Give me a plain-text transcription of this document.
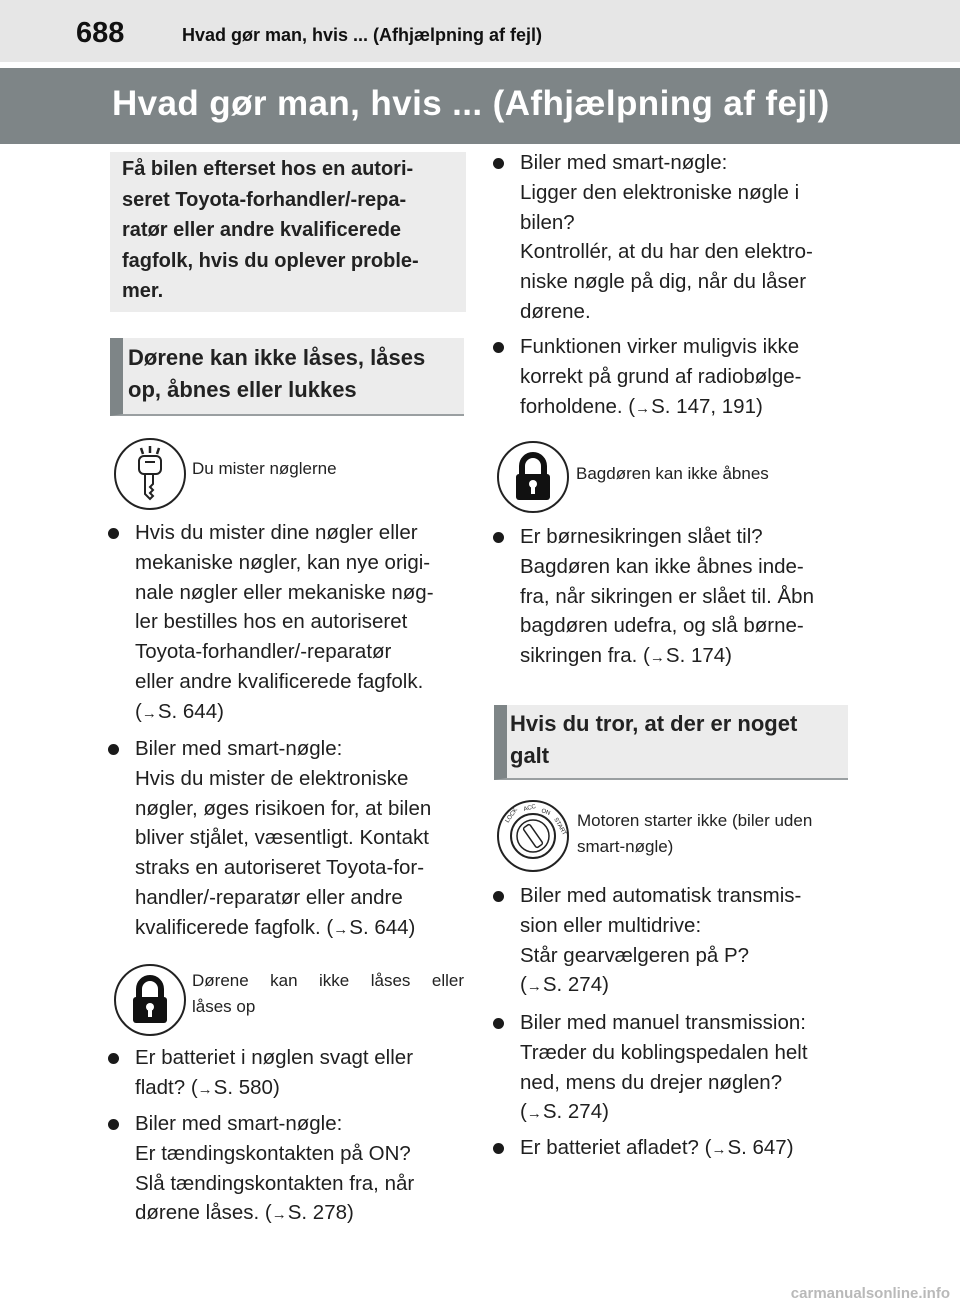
688	Hvad gør man, hvis ... (Afhjælpning af fejl)
Hvad gør man, hvis ... (Afhjælpning af fejl)
Få bilen efterset hos en autori-
seret Toyota-forhandler/-repa-
ratør eller andre kvalificerede
fagfolk, hvis du oplever proble-
mer.
Dørene kan ikke låses, låses
op, åbnes eller lukkes
Du mister nøglerne
Hvis du mister dine nøgler eller
mekaniske nøgler, kan nye origi-
nale nøgler eller mekaniske nøg-
ler bestilles hos en autoriseret
Toyota-forhandler/-reparatør
eller andre kvalificerede fagfolk.
(→S. 644)
Biler med smart-nøgle:
Hvis du mister de elektroniske
nøgler, øges risikoen for, at bilen
bliver stjålet, væsentligt. Kontakt
straks en autoriseret Toyota-for-
handler/-reparatør eller andre
kvalificerede fagfolk. (→S. 644)
Dørene kan ikke låses eller
låses op
Er batteriet i nøglen svagt eller
fladt? (→S. 580)
Biler med smart-nøgle:
Er tændingskontakten på ON?
Slå tændingskontakten fra, når
dørene låses. (→S. 278)
Biler med smart-nøgle:
Ligger den elektroniske nøgle i
bilen?
Kontrollér, at du har den elektro-
niske nøgle på dig, når du låser
dørene.
Funktionen virker muligvis ikke
korrekt på grund af radiobølge-
forholdene. (→S. 147, 191)
Bagdøren kan ikke åbnes
Er børnesikringen slået til?
Bagdøren kan ikke åbnes inde-
fra, når sikringen er slået til. Åbn
bagdøren udefra, og slå børne-
sikringen fra. (→S. 174)
Hvis du tror, at der er noget
galt
LOCK ACC ON
START Motoren starter ikke (biler uden
smart-nøgle)
Biler med automatisk transmis-
sion eller multidrive:
Står gearvælgeren på P?
(→S. 274)
Biler med manuel transmission:
Træder du koblingspedalen helt
ned, mens du drejer nøglen?
(→S. 274)
Er batteriet afladet? (→S. 647)
carmanualsonline.info
